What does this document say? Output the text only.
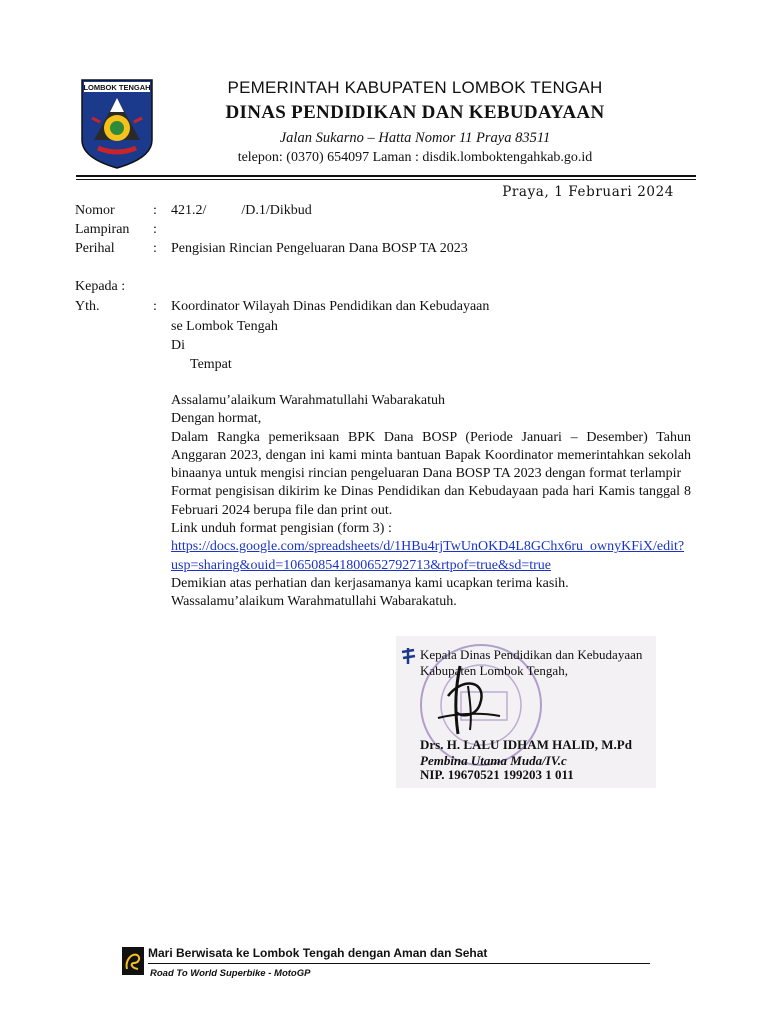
LOMBOK TENGAH	PEMERINTAH KABUPATEN LOMBOK TENGAH
DINAS PENDIDIKAN DAN KEBUDAYAAN
Jalan Sukarno – Hatta Nomor 11 Praya 83511
telepon: (0370) 654097 Laman : disdik.lomboktengahkab.go.id
Praya, 1 Februari 2024
Nomor	: 421.2/          /D.1/Dikbud
Lampiran :
Perihal	: Pengisian Rincian Pengeluaran Dana BOSP TA 2023
Kepada :
Yth.	: Koordinator Wilayah Dinas Pendidikan dan Kebudayaan
se Lombok Tengah
Di
Tempat

Assalamu’alaikum Warahmatullahi Wabarakatuh

Dengan hormat,

Dalam Rangka pemeriksaan BPK Dana BOSP (Periode Januari – Desember) Tahun Anggaran 2023, dengan ini kami minta bantuan Bapak Koordinator memerintahkan sekolah binaanya untuk mengisi rincian pengeluaran Dana BOSP TA 2023 dengan format terlampir

Format pengisisan dikirim ke Dinas Pendidikan dan Kebudayaan pada hari Kamis tanggal 8 Februari 2024 berupa file dan print out.

Link unduh format pengisian (form 3) :

https://docs.google.com/spreadsheets/d/1HBu4rjTwUnOKD4L8GChx6ru_ownyKFiX/edit?

usp=sharing&ouid=106508541800652792713&rtpof=true&sd=true

Demikian atas perhatian dan kerjasamanya kami ucapkan terima kasih.

Wassalamu’alaikum Warahmatullahi Wabarakatuh.

Kepala Dinas Pendidikan dan Kebudayaan
Kabupaten Lombok Tengah,
Drs. H. LALU IDHAM HALID, M.Pd
Pembina Utama Muda/IV.c
NIP. 19670521 199203 1 011
Mari Berwisata ke Lombok Tengah dengan Aman dan Sehat
Road To World Superbike - MotoGP
